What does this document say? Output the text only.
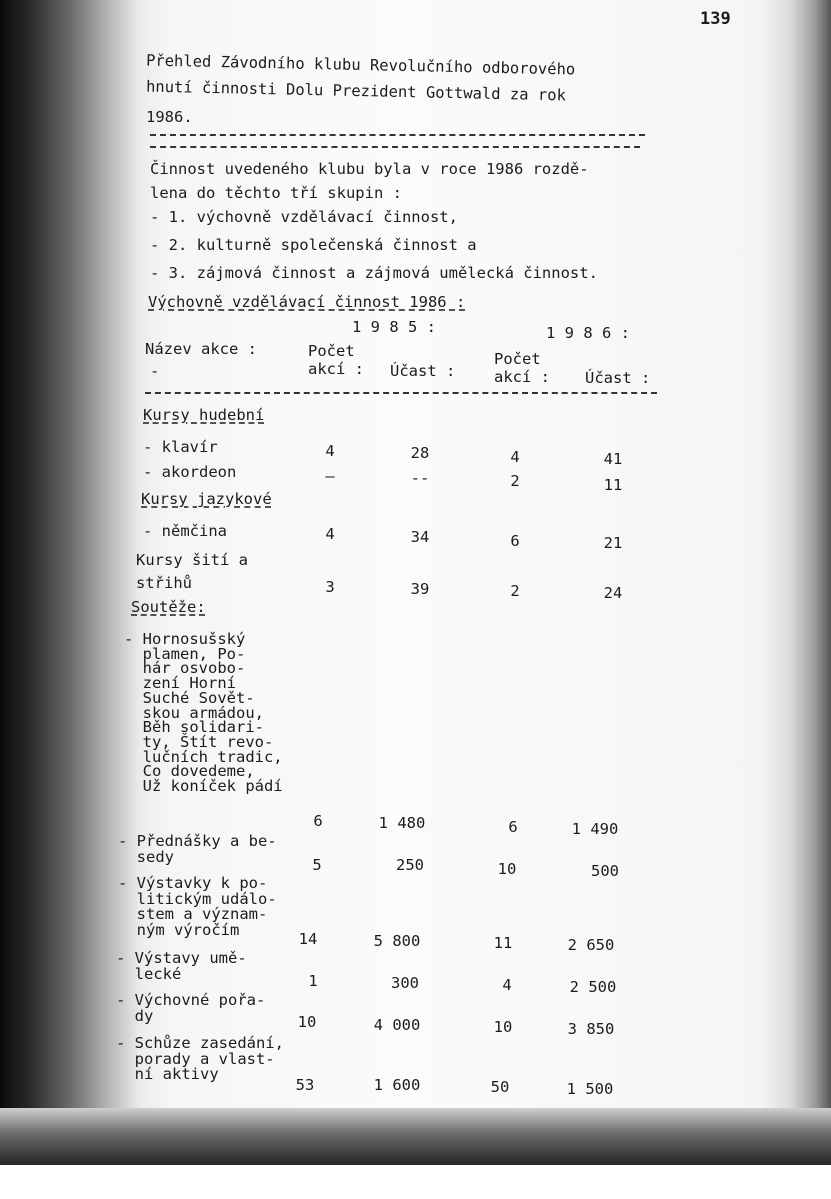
139
Přehled Závodního klubu Revolučního odborového
hnutí činnosti Dolu Prezident Gottwald za rok
1986.
Činnost uvedeného klubu byla v roce 1986 rozdě-
lena do těchto tří skupin :
- 1. výchovně vzdělávací činnost,
- 2. kulturně společenská činnost a
- 3. zájmová činnost a zájmová umělecká činnost.
Výchovně vzdělávací činnost 1986 :
1 9 8 5 :	1 9 8 6 :
Název akce :
-
Počet
akcí : Účast :
Počet
akcí : Účast :
Kursy hudební
- klavír	4	28	4	41
- akordeon	–	--	2	11
Kursy jazykové
- němčina	4	34	6	21
Kursy šití a
střihů	3	39	2	24
Soutěže:
- Hornosušský
plamen, Po-
hár osvobo-
zení Horní
Suché Sovět-
skou armádou,
Běh solidari-
ty, Štít revo-
lučních tradic,
Co dovedeme,
Už koníček pádí
6	1 480	6	1 490
- Přednášky a be-
sedy	5	250	10	500
- Výstavky k po-
litickým událo-
stem a význam-
ným výročím
14	5 800	11	2 650
- Výstavy umě-
lecké	1	300	4	2 500
- Výchovné pořa-
dy	10	4 000	10	3 850
- Schůze zasedání,
porady a vlast-
ní aktivy
53	1 600	50	1 500
